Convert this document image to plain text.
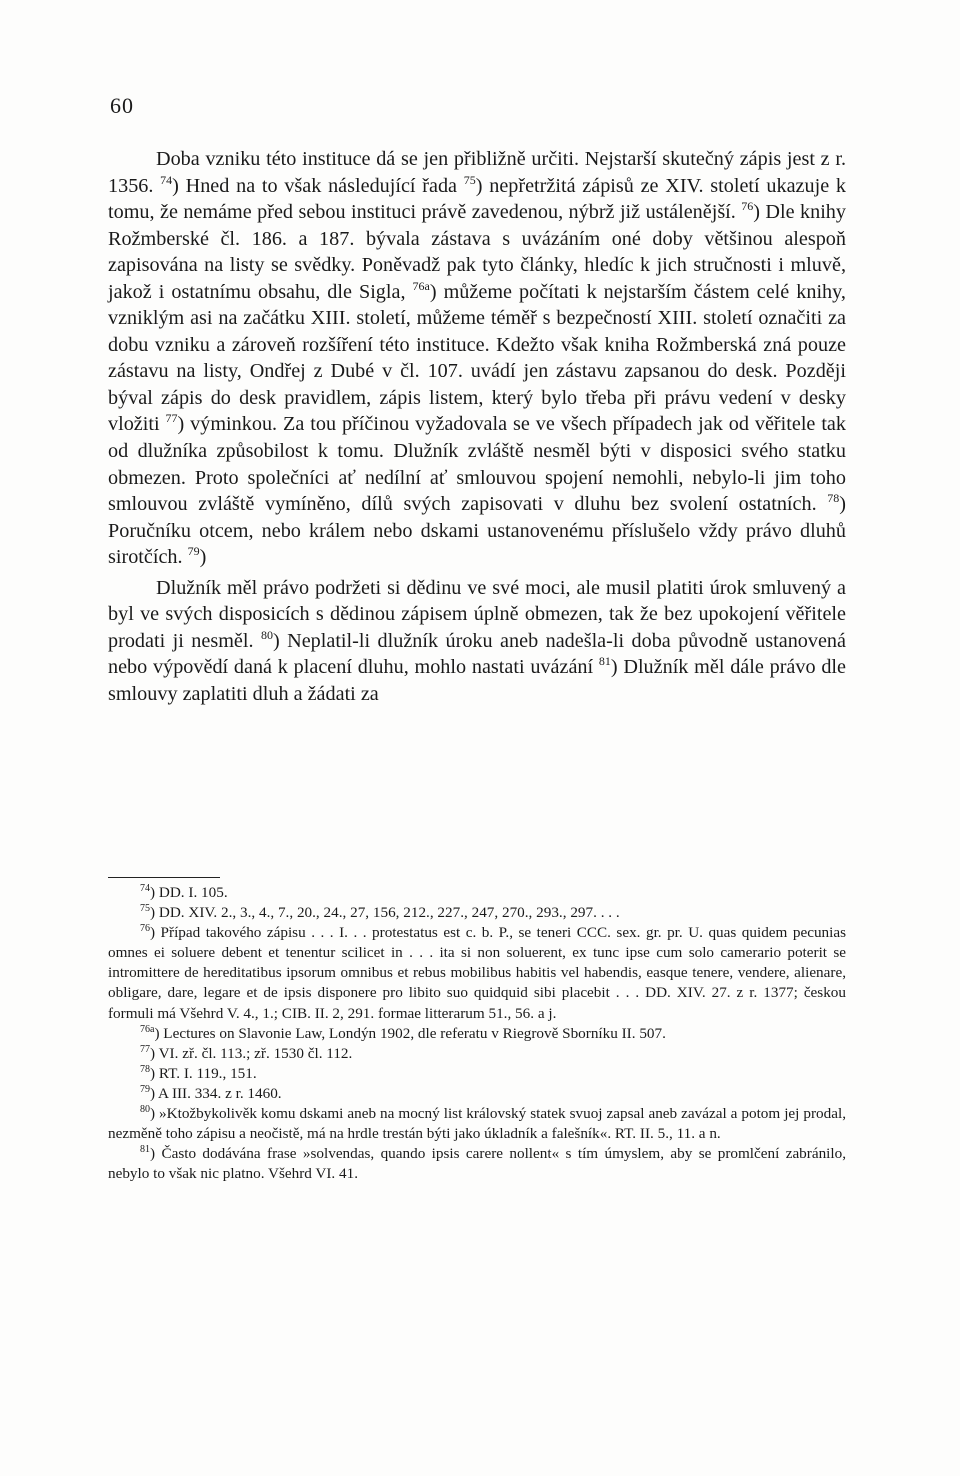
60

Doba vzniku této instituce dá se jen přibližně určiti. Nejstarší skutečný zápis jest z r. 1356. $^{74}$) Hned na to však následující řada $^{75}$) nepřetržitá zápisů ze XIV. století ukazuje k tomu, že nemáme před sebou instituci právě zavedenou, nýbrž již ustálenější. $^{76}$) Dle knihy Rožmberské čl. 186. a 187. bývala zástava s uvázáním oné doby většinou alespoň zapisována na listy se svědky. Poněvadž pak tyto články, hledíc k jich stručnosti i mluvě, jakož i ostatnímu obsahu, dle Sigla, $^{76a}$) můžeme počítati k nejstarším částem celé knihy, vzniklým asi na začátku XIII. století, můžeme téměř s bezpečností XIII. století označiti za dobu vzniku a zároveň rozšíření této instituce. Kdežto však kniha Rožmberská zná pouze zástavu na listy, Ondřej z Dubé v čl. 107. uvádí jen zástavu zapsanou do desk. Později býval zápis do desk pravidlem, zápis listem, který bylo třeba při právu vedení v desky vložiti $^{77}$) výminkou. Za tou příčinou vyžadovala se ve všech případech jak od věřitele tak od dlužníka způsobilost k tomu. Dlužník zvláště nesměl býti v disposici svého statku obmezen. Proto společníci ať nedílní ať smlouvou spojení nemohli, nebylo-li jim toho smlouvou zvláště vymíněno, dílů svých zapisovati v dluhu bez svolení ostatních. $^{78}$) Poručníku otcem, nebo králem nebo dskami ustanovenému příslušelo vždy právo dluhů sirotčích. $^{79}$)

Dlužník měl právo podržeti si dědinu ve své moci, ale musil platiti úrok smluvený a byl ve svých disposicích s dědinou zápisem úplně obmezen, tak že bez upokojení věřitele prodati ji nesměl. $^{80}$) Neplatil-li dlužník úroku aneb nadešla-li doba původně ustanovená nebo výpovědí daná k placení dluhu, mohlo nastati uvázání $^{81}$) Dlužník měl dále právo dle smlouvy zaplatiti dluh a žádati za

$^{74}$) DD. I. 105.

$^{75}$) DD. XIV. 2., 3., 4., 7., 20., 24., 27, 156, 212., 227., 247, 270., 293., 297. . . .

$^{76}$) Případ takového zápisu . . . I. . . protestatus est c. b. P., se teneri CCC. sex. gr. pr. U. quas quidem pecunias omnes ei soluere debent et tenentur scilicet in . . . ita si non soluerent, ex tunc ipse cum solo camerario poterit se intromittere de hereditatibus ipsorum omnibus et rebus mobilibus habitis vel habendis, easque tenere, vendere, alienare, obligare, dare, legare et de ipsis disponere pro libito suo quidquid sibi placebit . . . DD. XIV. 27. z r. 1377; českou formuli má Všehrd V. 4., 1.; CIB. II. 2, 291. formae litterarum 51., 56. a j.

$^{76a}$) Lectures on Slavonie Law, Londýn 1902, dle referatu v Riegrově Sborníku II. 507.

$^{77}$) VI. zř. čl. 113.; zř. 1530 čl. 112.

$^{78}$) RT. I. 119., 151.

$^{79}$) A III. 334. z r. 1460.

$^{80}$) »Ktožbykolivěk komu dskami aneb na mocný list královský statek svuoj zapsal aneb zavázal a potom jej prodal, nezměně toho zápisu a neočistě, má na hrdle trestán býti jako úkladník a falešník«. RT. II. 5., 11. a n.

$^{81}$) Často dodávána frase »solvendas, quando ipsis carere nollent« s tím úmyslem, aby se promlčení zabránilo, nebylo to však nic platno. Všehrd VI. 41.
